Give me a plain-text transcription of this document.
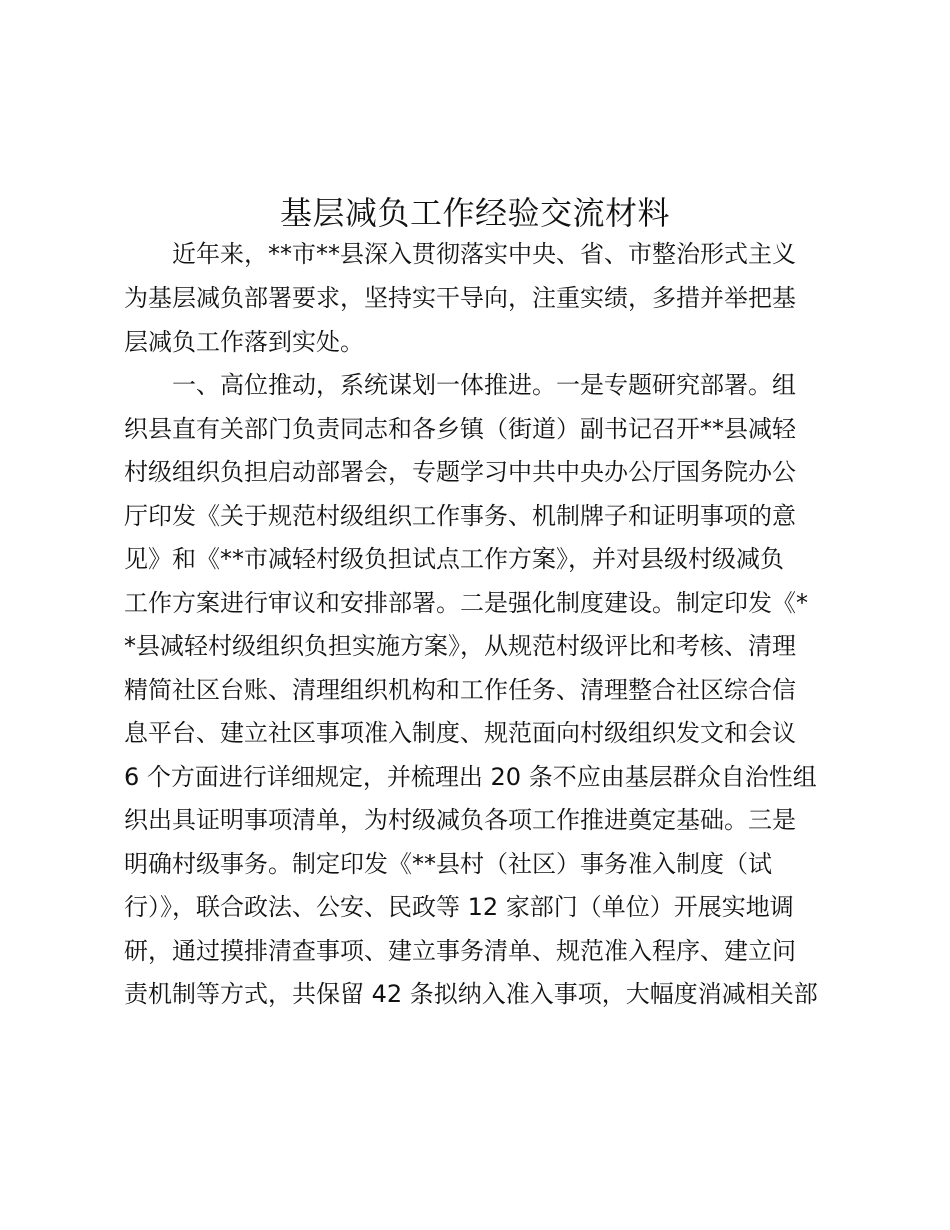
基层减负工作经验交流材料
近年来，**市**县深入贯彻落实中央、省、市整治形式主义
为基层减负部署要求，坚持实干导向，注重实绩，多措并举把基
层减负工作落到实处。
一、高位推动，系统谋划一体推进。一是专题研究部署。组
织县直有关部门负责同志和各乡镇（街道）副书记召开**县减轻
村级组织负担启动部署会，专题学习中共中央办公厅国务院办公
厅印发《关于规范村级组织工作事务、机制牌子和证明事项的意
见》和《**市减轻村级负担试点工作方案》，并对县级村级减负
工作方案进行审议和安排部署。二是强化制度建设。制定印发《*
*县减轻村级组织负担实施方案》，从规范村级评比和考核、清理
精简社区台账、清理组织机构和工作任务、清理整合社区综合信
息平台、建立社区事项准入制度、规范面向村级组织发文和会议
6 个方面进行详细规定，并梳理出 20 条不应由基层群众自治性组
织出具证明事项清单，为村级减负各项工作推进奠定基础。三是
明确村级事务。制定印发《**县村（社区）事务准入制度（试
行）》，联合政法、公安、民政等 12 家部门（单位）开展实地调
研，通过摸排清查事项、建立事务清单、规范准入程序、建立问
责机制等方式，共保留 42 条拟纳入准入事项，大幅度消减相关部
